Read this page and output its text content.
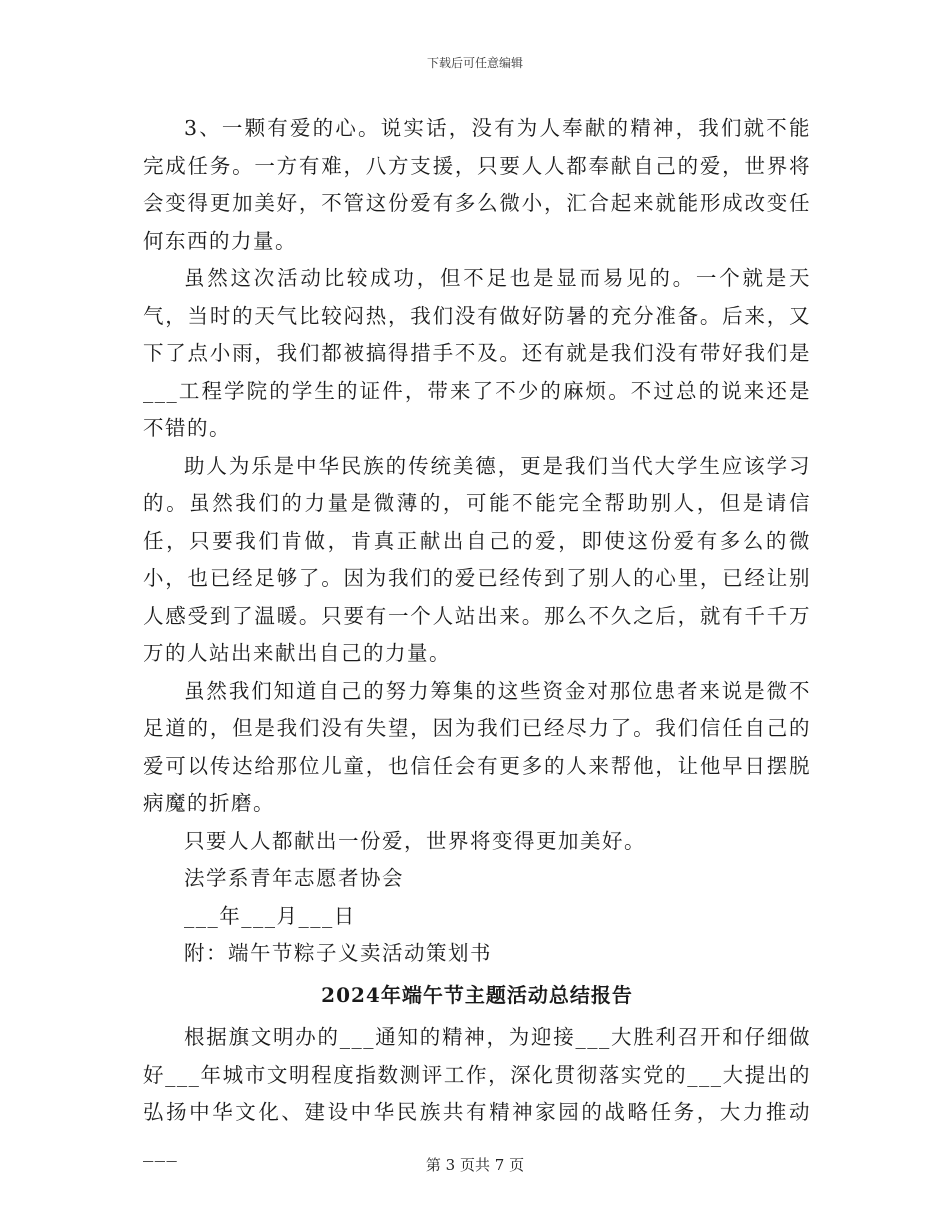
下载后可任意编辑

3、一颗有爱的心。说实话，没有为人奉献的精神，我们就不能完成任务。一方有难，八方支援，只要人人都奉献自己的爱，世界将会变得更加美好，不管这份爱有多么微小，汇合起来就能形成改变任何东西的力量。

虽然这次活动比较成功，但不足也是显而易见的。一个就是天气，当时的天气比较闷热，我们没有做好防暑的充分准备。后来，又下了点小雨，我们都被搞得措手不及。还有就是我们没有带好我们是___工程学院的学生的证件，带来了不少的麻烦。不过总的说来还是不错的。

助人为乐是中华民族的传统美德，更是我们当代大学生应该学习的。虽然我们的力量是微薄的，可能不能完全帮助别人，但是请信任，只要我们肯做，肯真正献出自己的爱，即使这份爱有多么的微小，也已经足够了。因为我们的爱已经传到了别人的心里，已经让别人感受到了温暖。只要有一个人站出来。那么不久之后，就有千千万万的人站出来献出自己的力量。

虽然我们知道自己的努力筹集的这些资金对那位患者来说是微不足道的，但是我们没有失望，因为我们已经尽力了。我们信任自己的爱可以传达给那位儿童，也信任会有更多的人来帮他，让他早日摆脱病魔的折磨。

只要人人都献出一份爱，世界将变得更加美好。

法学系青年志愿者协会

___年___月___日

附：端午节粽子义卖活动策划书

2024年端午节主题活动总结报告

根据旗文明办的___通知的精神，为迎接___大胜利召开和仔细做好___年城市文明程度指数测评工作，深化贯彻落实党的___大提出的弘扬中华文化、建设中华民族共有精神家园的战略任务，大力推动___

第 3 页共 7 页
